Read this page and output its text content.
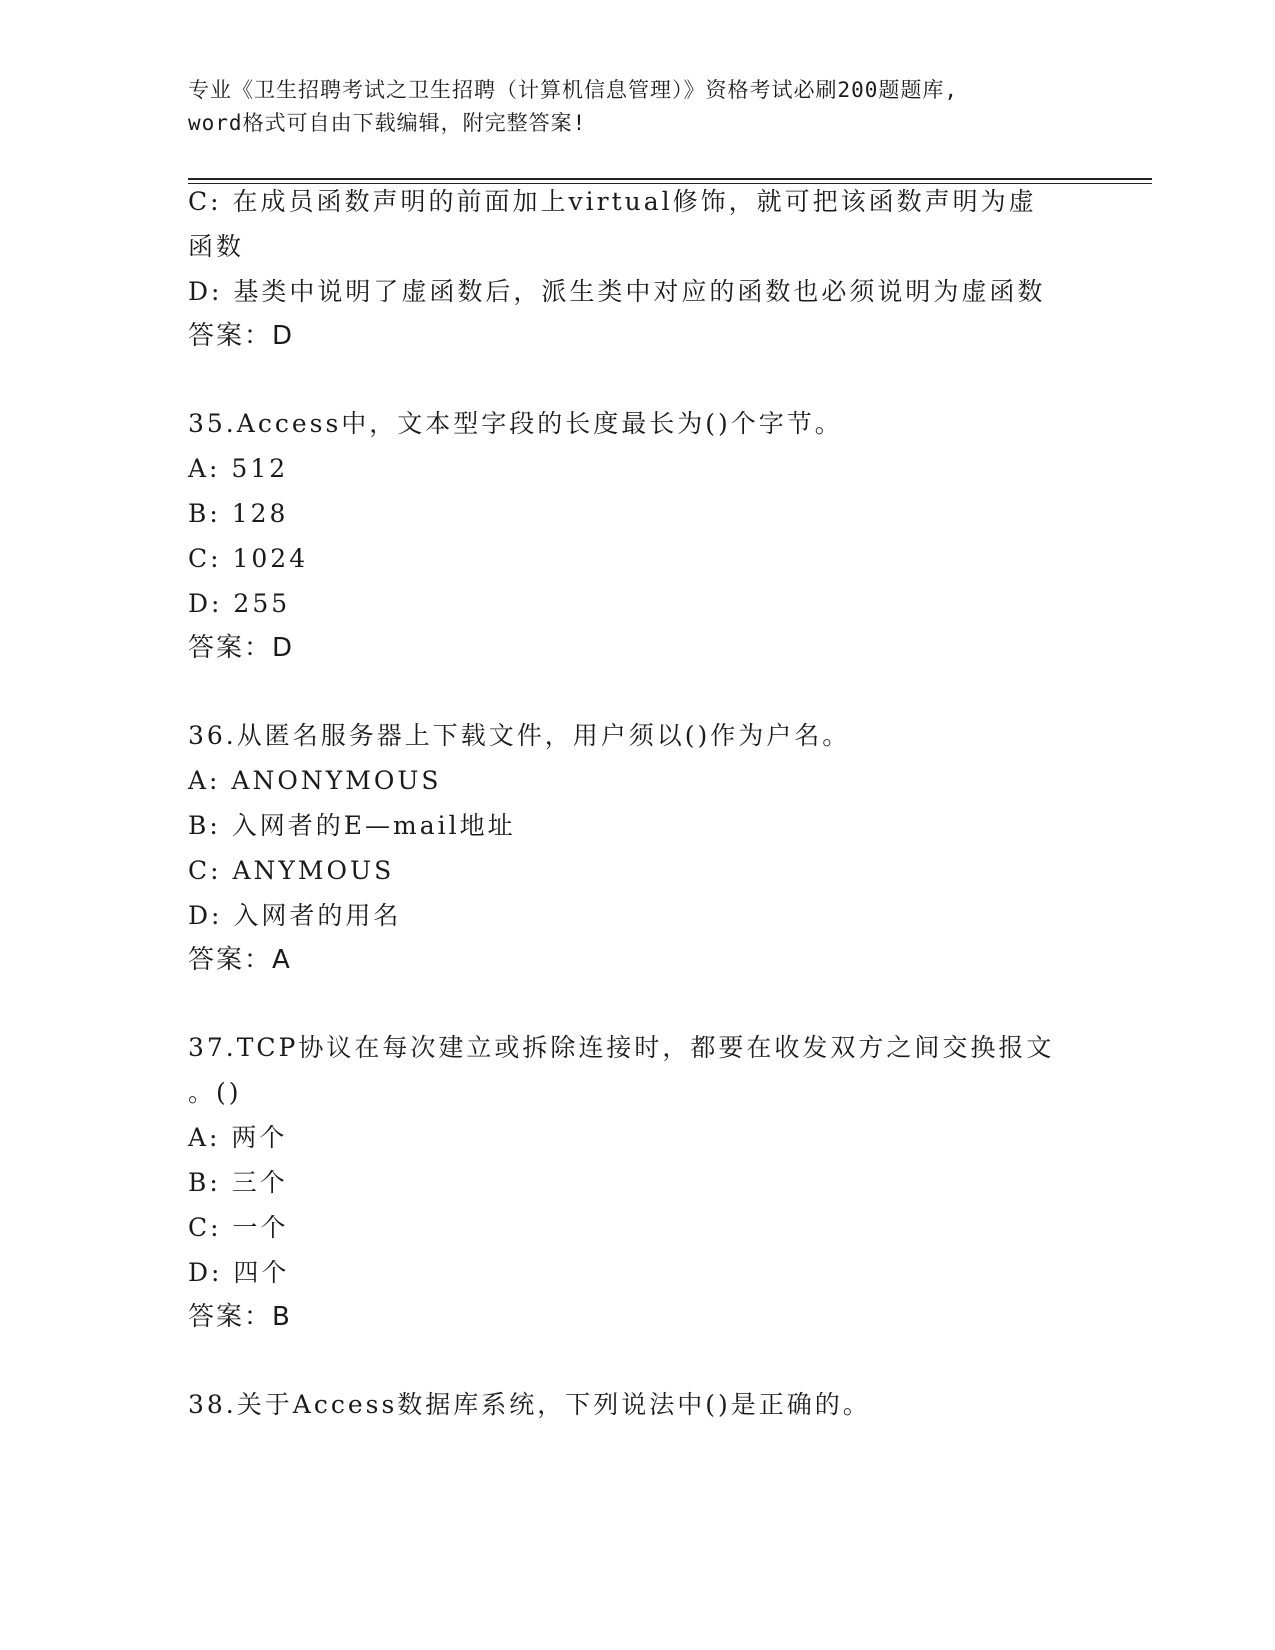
专业《卫生招聘考试之卫生招聘（计算机信息管理）》资格考试必刷200题题库,
word格式可自由下载编辑，附完整答案!
C: 在成员函数声明的前面加上virtual修饰，就可把该函数声明为虚
函数
D: 基类中说明了虚函数后，派生类中对应的函数也必须说明为虚函数
答案：D
35.Access中，文本型字段的长度最长为()个字节。
A: 512
B: 128
C: 1024
D: 255
答案：D
36.从匿名服务器上下载文件，用户须以()作为户名。
A: ANONYMOUS
B: 入网者的E—mail地址
C: ANYMOUS
D: 入网者的用名
答案：A
37.TCP协议在每次建立或拆除连接时，都要在收发双方之间交换报文
。()
A: 两个
B: 三个
C: 一个
D: 四个
答案：B
38.关于Access数据库系统，下列说法中()是正确的。
